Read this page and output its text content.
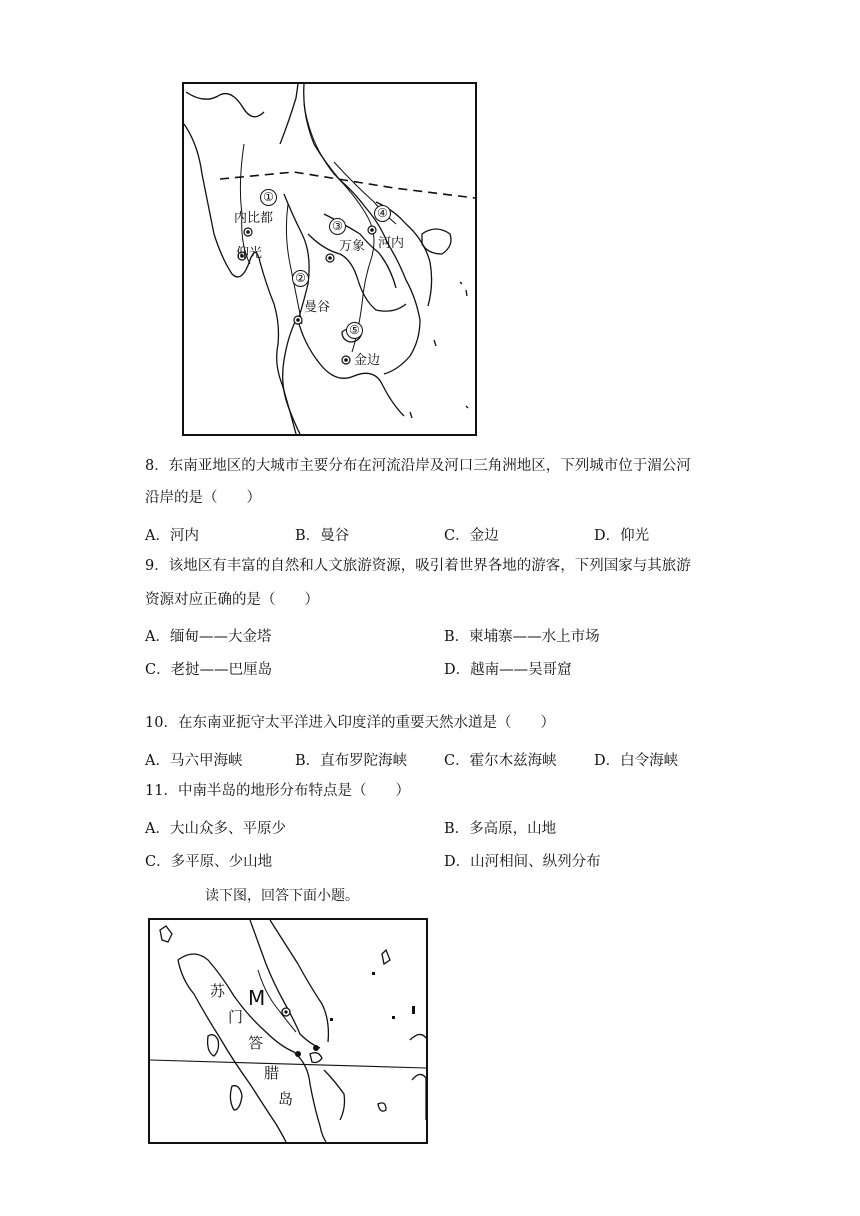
①
②
③
④
⑤
内比都
仰光	万象 河内
曼谷
金边
8．东南亚地区的大城市主要分布在河流沿岸及河口三角洲地区，下列城市位于湄公河
沿岸的是（　　）
A．河内	B．曼谷	C．金边	D．仰光
9．该地区有丰富的自然和人文旅游资源，吸引着世界各地的游客，下列国家与其旅游
资源对应正确的是（　　）
A．缅甸——大金塔	B．柬埔寨——水上市场
C．老挝——巴厘岛	D．越南——吴哥窟
10．在东南亚扼守太平洋进入印度洋的重要天然水道是（　　）
A．马六甲海峡	B．直布罗陀海峡	C．霍尔木兹海峡	D．白令海峡
11．中南半岛的地形分布特点是（　　）
A．大山众多、平原少	B．多高原，山地
C．多平原、少山地	D．山河相间、纵列分布
读下图，回答下面小题。
苏 M
门
答
腊
岛
